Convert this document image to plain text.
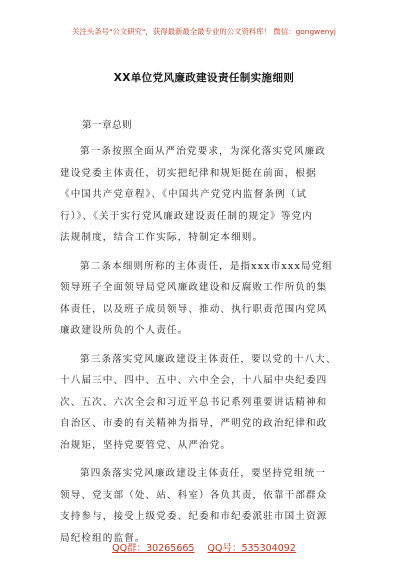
关注头条号"公文研究"，获得最新最全最专业的公文资料库！ 微信：gongwenyj
XX单位党风廉政建设责任制实施细则
第一章总则
第一条按照全面从严治党要求，为深化落实党风廉政
建设党委主体责任，切实把纪律和规矩挺在前面，根据
《中国共产党章程》、《中国共产党党内监督条例（试
行）》、《关于实行党风廉政建设责任制的规定》等党内
法规制度，结合工作实际，特制定本细则。
第二条本细则所称的主体责任，是指xxx市xxx局党组
领导班子全面领导局党风廉政建设和反腐败工作所负的集
体责任，以及班子成员领导、推动、执行职责范围内党风
廉政建设所负的个人责任。
第三条落实党风廉政建设主体责任，要以党的十八大、
十八届三中、四中、五中、六中全会，十八届中央纪委四
次、五次、六次全会和习近平总书记系列重要讲话精神和
自治区、市委的有关精神为指导，严明党的政治纪律和政
治规矩，坚持党要管党、从严治党。
第四条落实党风廉政建设主体责任，要坚持党组统一
领导、党支部（处、站、科室）各负其责，依靠干部群众
支持参与，接受上级党委、纪委和市纪委派驻市国土资源
局纪检组的监督。
QQ群：30265665 QQ号：535304092
